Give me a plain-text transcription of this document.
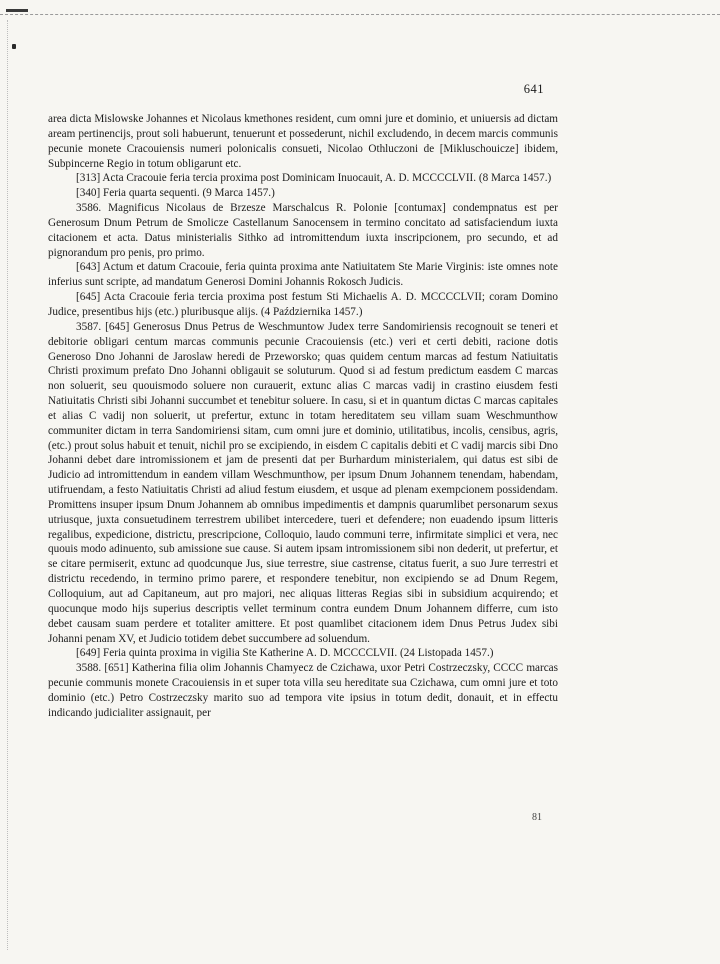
641

area dicta Mislowske Johannes et Nicolaus kmethones resident, cum omni jure et dominio, et uniuersis ad dictam aream pertinencijs, prout soli habuerunt, tenuerunt et possederunt, nichil excludendo, in decem marcis communis pecunie monete Cracouiensis numeri polonicalis consueti, Nicolao Othluczoni de [Mikluschouicze] ibidem, Subpincerne Regio in totum obligarunt etc.

[313] Acta Cracouie feria tercia proxima post Dominicam Inuocauit, A. D. MCCCCLVII. (8 Marca 1457.)

[340] Feria quarta sequenti. (9 Marca 1457.)

3586. Magnificus Nicolaus de Brzesze Marschalcus R. Polonie [contumax] condempnatus est per Generosum Dnum Petrum de Smolicze Castellanum Sanocensem in termino concitato ad satisfaciendum iuxta citacionem et acta. Datus ministerialis Sithko ad intromittendum iuxta inscripcionem, pro secundo, et ad pignorandum pro penis, pro primo.

[643] Actum et datum Cracouie, feria quinta proxima ante Natiuitatem Ste Marie Virginis: iste omnes note inferius sunt scripte, ad mandatum Generosi Domini Johannis Rokosch Judicis.

[645] Acta Cracouie feria tercia proxima post festum Sti Michaelis A. D. MCCCCLVII; coram Domino Judice, presentibus hijs (etc.) pluribusque alijs. (4 Października 1457.)

3587. [645] Generosus Dnus Petrus de Weschmuntow Judex terre Sandomiriensis recognouit se teneri et debitorie obligari centum marcas communis pecunie Cracouiensis (etc.) veri et certi debiti, racione dotis Generoso Dno Johanni de Jaroslaw heredi de Przeworsko; quas quidem centum marcas ad festum Natiuitatis Christi proximum prefato Dno Johanni obligauit se soluturum. Quod si ad festum predictum easdem C marcas non soluerit, seu quouismodo soluere non curauerit, extunc alias C marcas vadij in crastino eiusdem festi Natiuitatis Christi sibi Johanni succumbet et tenebitur soluere. In casu, si et in quantum dictas C marcas capitales et alias C vadij non soluerit, ut prefertur, extunc in totam hereditatem seu villam suam Weschmunthow communiter dictam in terra Sandomiriensi sitam, cum omni jure et dominio, utilitatibus, incolis, censibus, agris, (etc.) prout solus habuit et tenuit, nichil pro se excipiendo, in eisdem C capitalis debiti et C vadij marcis sibi Dno Johanni debet dare intromissionem et jam de presenti dat per Burhardum ministerialem, qui datus est sibi de Judicio ad intromittendum in eandem villam Weschmunthow, per ipsum Dnum Johannem tenendam, habendam, utifruendam, a festo Natiuitatis Christi ad aliud festum eiusdem, et usque ad plenam exempcionem possidendam. Promittens insuper ipsum Dnum Johannem ab omnibus impedimentis et dampnis quarumlibet personarum sexus utriusque, juxta consuetudinem terrestrem ubilibet intercedere, tueri et defendere; non euadendo ipsum litteris regalibus, expedicione, districtu, prescripcione, Colloquio, laudo communi terre, infirmitate simplici et vera, nec quouis modo adinuento, sub amissione sue cause. Si autem ipsam intromissionem sibi non dederit, ut prefertur, et se citare permiserit, extunc ad quodcunque Jus, siue terrestre, siue castrense, citatus fuerit, a suo Jure terrestri et districtu recedendo, in termino primo parere, et respondere tenebitur, non excipiendo se ad Dnum Regem, Colloquium, aut ad Capitaneum, aut pro majori, nec aliquas litteras Regias sibi in subsidium acquirendo; et quocunque modo hijs superius descriptis vellet terminum contra eundem Dnum Johannem differre, cum isto debet causam suam perdere et totaliter amittere. Et post quamlibet citacionem idem Dnus Petrus Judex sibi Johanni penam XV, et Judicio totidem debet succumbere ad soluendum.

[649] Feria quinta proxima in vigilia Ste Katherine A. D. MCCCCLVII. (24 Listopada 1457.)

3588. [651] Katherina filia olim Johannis Chamyecz de Czichawa, uxor Petri Costrzeczsky, CCCC marcas pecunie communis monete Cracouiensis in et super tota villa seu hereditate sua Czichawa, cum omni jure et toto dominio (etc.) Petro Costrzeczsky marito suo ad tempora vite ipsius in totum dedit, donauit, et in effectu indicando judicialiter assignauit, per

81
